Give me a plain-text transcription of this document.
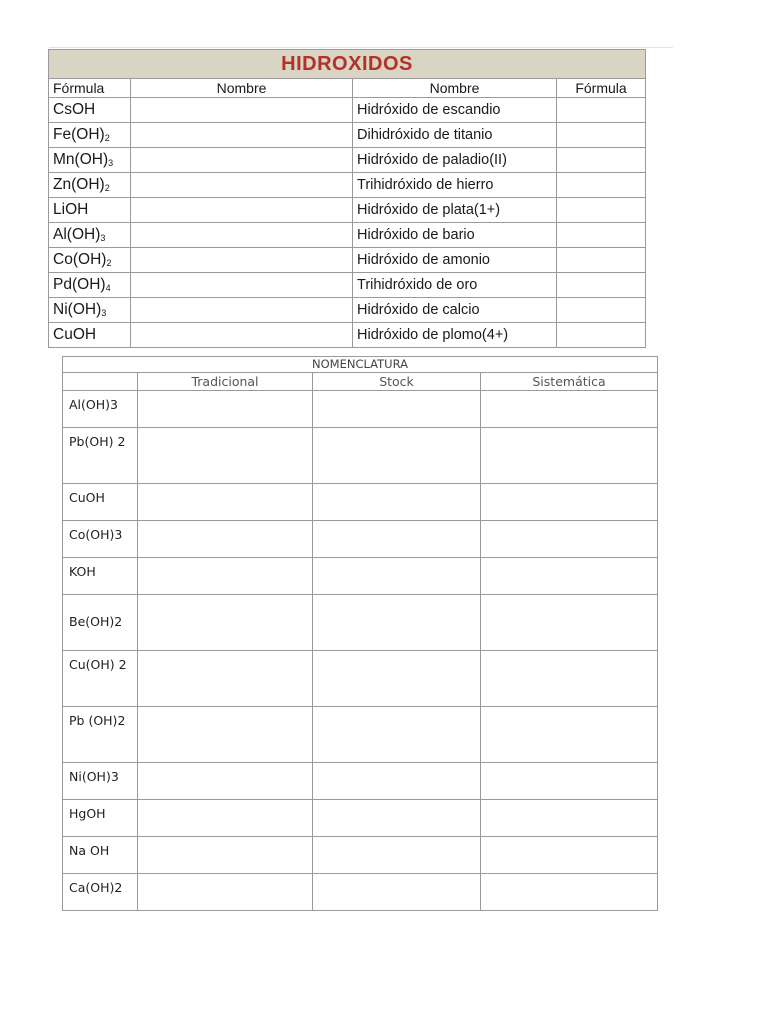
HIDROXIDOS			
Fórmula	Nombre	Nombre	Fórmula
CsOH		Hidróxido de escandio	
$Fe(OH)_2$		Dihidróxido de titanio	
$Mn(OH)_3$		Hidróxido de paladio(II)	
$Zn(OH)_2$		Trihidróxido de hierro	
LiOH		Hidróxido de plata(1+)	
$Al(OH)_3$		Hidróxido de bario	
$Co(OH)_2$		Hidróxido de amonio	
$Pd(OH)_4$		Trihidróxido de oro	
$Ni(OH)_3$		Hidróxido de calcio	
CuOH		Hidróxido de plomo(4+)	
NOMENCLATURA			
	Tradicional	Stock	Sistemática

Al(OH)3			

Pb(OH) 2			

CuOH			

Co(OH)3			

KOH			

Be(OH)2			

Cu(OH) 2			

Pb (OH)2			

Ni(OH)3			

HgOH			

Na OH			

Ca(OH)2			
